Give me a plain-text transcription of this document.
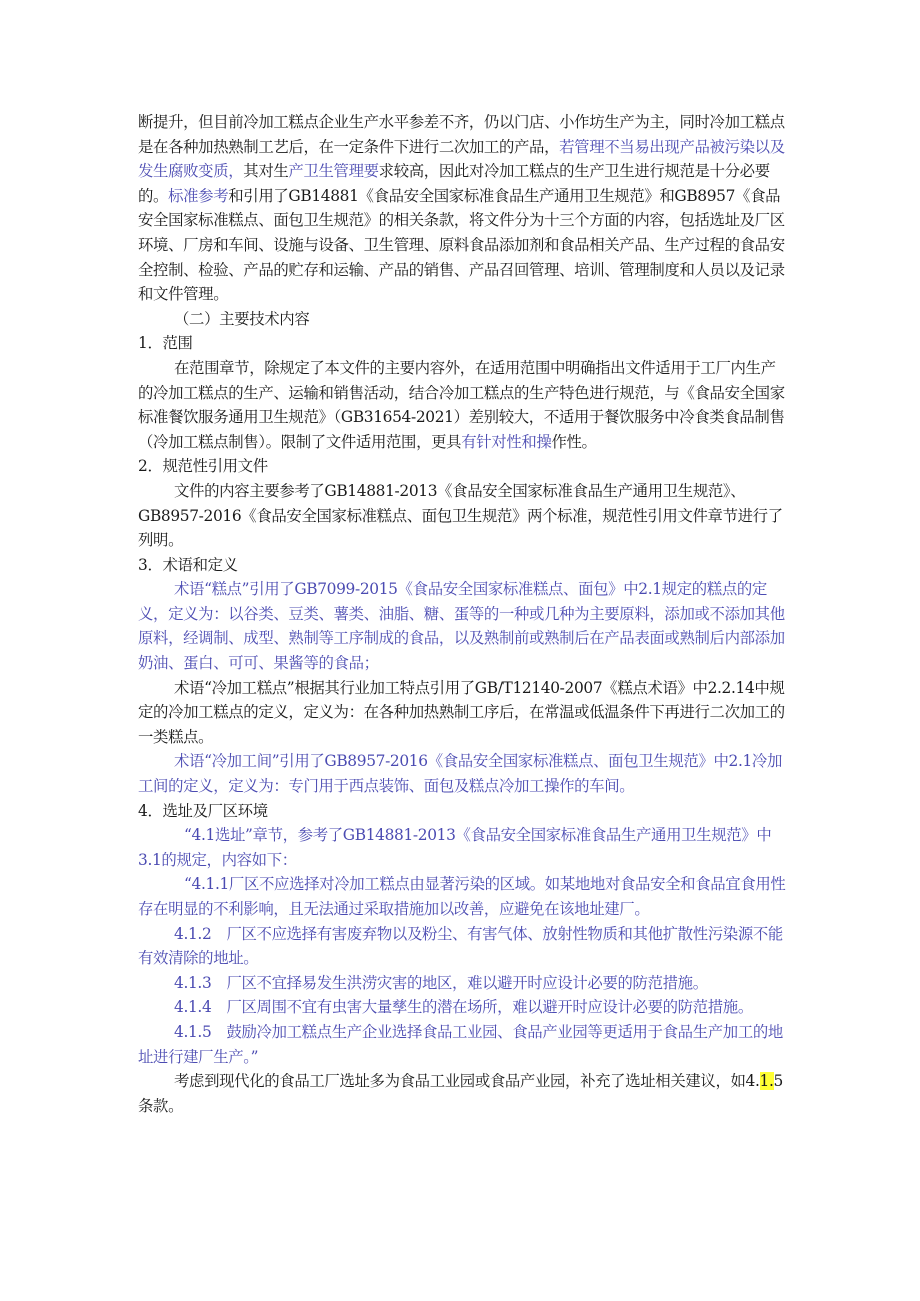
断提升，但目前冷加工糕点企业生产水平参差不齐，仍以门店、小作坊生产为主，同时冷加工糕点是在各种加热熟制工艺后，在一定条件下进行二次加工的产品，若管理不当易出现产品被污染以及发生腐败变质，其对生产卫生管理要求较高，因此对冷加工糕点的生产卫生进行规范是十分必要的。标准参考和引用了GB14881《食品安全国家标准食品生产通用卫生规范》和GB8957《食品安全国家标准糕点、面包卫生规范》的相关条款，将文件分为十三个方面的内容，包括选址及厂区环境、厂房和车间、设施与设备、卫生管理、原料食品添加剂和食品相关产品、生产过程的食品安全控制、检验、产品的贮存和运输、产品的销售、产品召回管理、培训、管理制度和人员以及记录和文件管理。

（二）主要技术内容

1．范围

在范围章节，除规定了本文件的主要内容外，在适用范围中明确指出文件适用于工厂内生产的冷加工糕点的生产、运输和销售活动，结合冷加工糕点的生产特色进行规范，与《食品安全国家标准餐饮服务通用卫生规范》（GB31654-2021）差别较大，不适用于餐饮服务中冷食类食品制售（冷加工糕点制售）。限制了文件适用范围，更具有针对性和操作性。

2．规范性引用文件

文件的内容主要参考了GB14881-2013《食品安全国家标准食品生产通用卫生规范》、GB8957-2016《食品安全国家标准糕点、面包卫生规范》两个标准，规范性引用文件章节进行了列明。

3．术语和定义

术语“糕点”引用了GB7099-2015《食品安全国家标准糕点、面包》中2.1规定的糕点的定义，定义为：以谷类、豆类、薯类、油脂、糖、蛋等的一种或几种为主要原料，添加或不添加其他原料，经调制、成型、熟制等工序制成的食品，以及熟制前或熟制后在产品表面或熟制后内部添加奶油、蛋白、可可、果酱等的食品；

术语“冷加工糕点”根据其行业加工特点引用了GB/T12140-2007《糕点术语》中2.2.14中规定的冷加工糕点的定义，定义为：在各种加热熟制工序后，在常温或低温条件下再进行二次加工的一类糕点。

术语“冷加工间”引用了GB8957-2016《食品安全国家标准糕点、面包卫生规范》中2.1冷加工间的定义，定义为：专门用于西点装饰、面包及糕点冷加工操作的车间。

4．选址及厂区环境

“4.1选址”章节，参考了GB14881-2013《食品安全国家标准食品生产通用卫生规范》中3.1的规定，内容如下：

“4.1.1厂区不应选择对冷加工糕点由显著污染的区域。如某地地对食品安全和食品宜食用性存在明显的不利影响，且无法通过采取措施加以改善，应避免在该地址建厂。

4.1.2　厂区不应选择有害废弃物以及粉尘、有害气体、放射性物质和其他扩散性污染源不能有效清除的地址。

4.1.3　厂区不宜择易发生洪涝灾害的地区，难以避开时应设计必要的防范措施。

4.1.4　厂区周围不宜有虫害大量孳生的潜在场所，难以避开时应设计必要的防范措施。

4.1.5　鼓励冷加工糕点生产企业选择食品工业园、食品产业园等更适用于食品生产加工的地址进行建厂生产。”

考虑到现代化的食品工厂选址多为食品工业园或食品产业园，补充了选址相关建议，如4.1.5条款。
